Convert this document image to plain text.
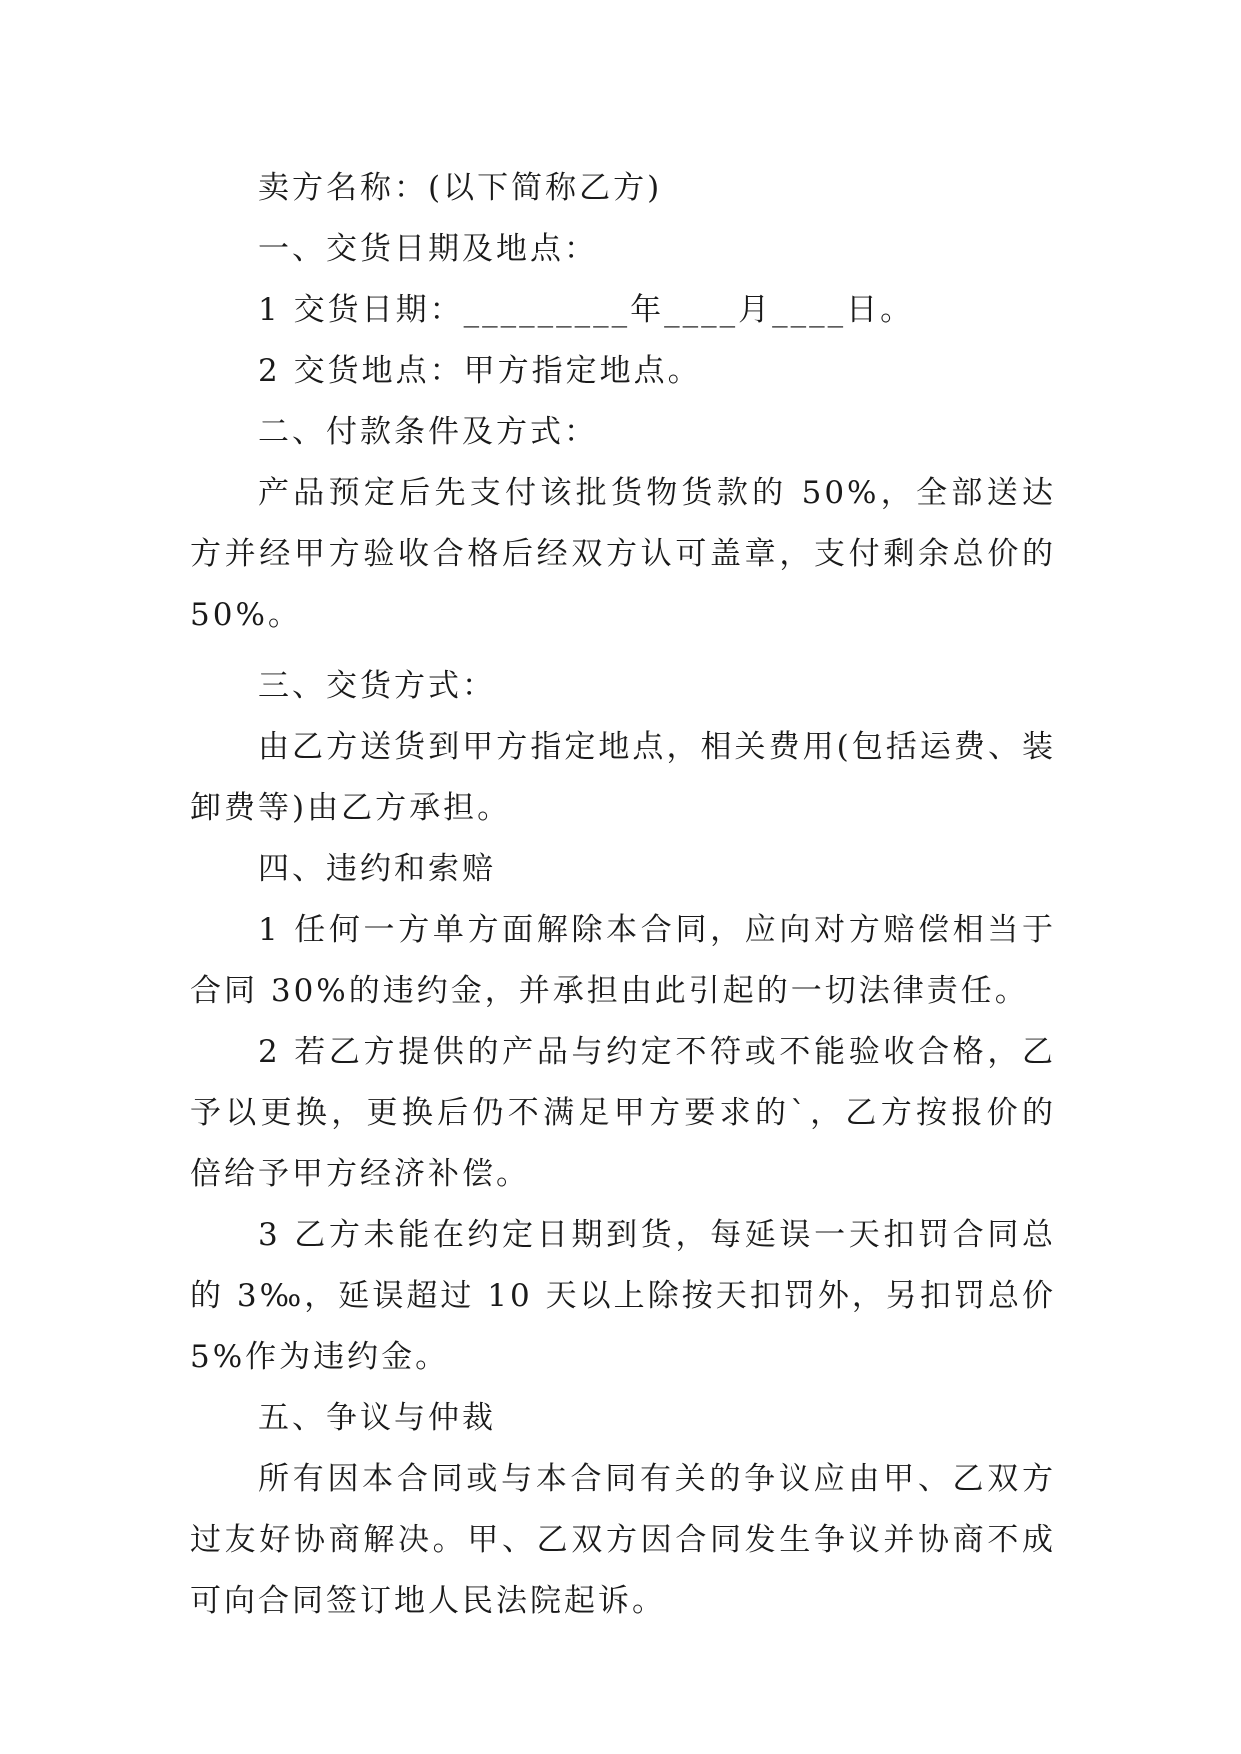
卖方名称：(以下简称乙方)
一、交货日期及地点：
1 交货日期：_________年____月____日。
2 交货地点：甲方指定地点。
二、付款条件及方式：
产品预定后先支付该批货物货款的 50%，全部送达
方并经甲方验收合格后经双方认可盖章，支付剩余总价的
50%。
三、交货方式：
由乙方送货到甲方指定地点，相关费用(包括运费、装
卸费等)由乙方承担。
四、违约和索赔
1 任何一方单方面解除本合同，应向对方赔偿相当于
合同 30%的违约金，并承担由此引起的一切法律责任。
2 若乙方提供的产品与约定不符或不能验收合格，乙
予以更换，更换后仍不满足甲方要求的`，乙方按报价的
倍给予甲方经济补偿。
3 乙方未能在约定日期到货，每延误一天扣罚合同总
的 3‰，延误超过 10 天以上除按天扣罚外，另扣罚总价
5%作为违约金。
五、争议与仲裁
所有因本合同或与本合同有关的争议应由甲、乙双方
过友好协商解决。甲、乙双方因合同发生争议并协商不成
可向合同签订地人民法院起诉。
